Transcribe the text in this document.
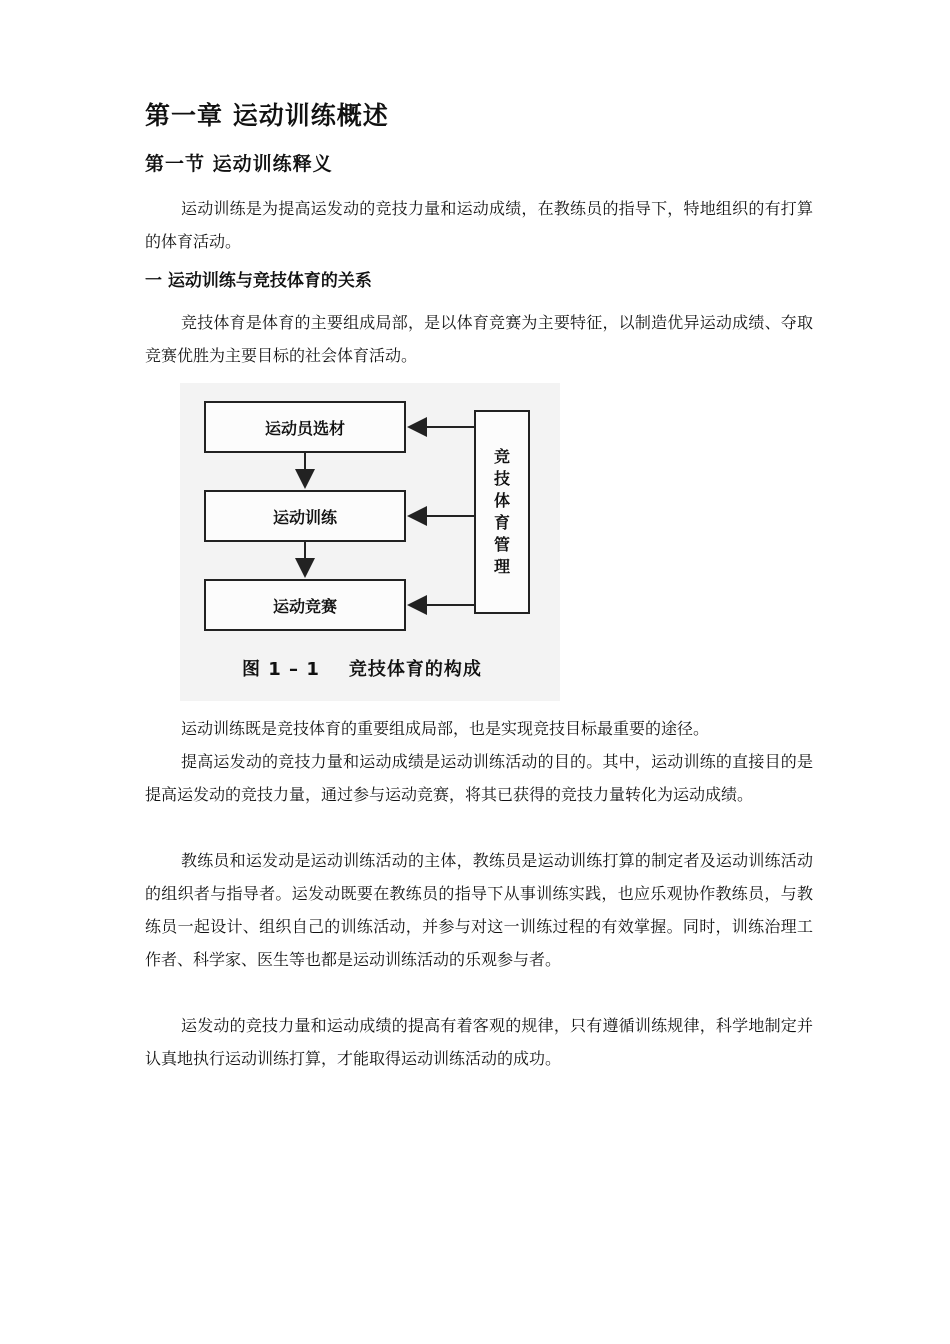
第一章 运动训练概述
第一节 运动训练释义

运动训练是为提高运发动的竞技力量和运动成绩，在教练员的指导下，特地组织的有打算的体育活动。

一 运动训练与竞技体育的关系

竞技体育是体育的主要组成局部，是以体育竞赛为主要特征，以制造优异运动成绩、夺取竞赛优胜为主要目标的社会体育活动。

运动员选材
运动训练
运动竞赛
竞
技
体
育
管
理
图 1 – 1    竞技体育的构成

运动训练既是竞技体育的重要组成局部，也是实现竞技目标最重要的途径。

提高运发动的竞技力量和运动成绩是运动训练活动的目的。其中，运动训练的直接目的是提高运发动的竞技力量，通过参与运动竞赛，将其已获得的竞技力量转化为运动成绩。

教练员和运发动是运动训练活动的主体，教练员是运动训练打算的制定者及运动训练活动的组织者与指导者。运发动既要在教练员的指导下从事训练实践，也应乐观协作教练员，与教练员一起设计、组织自己的训练活动，并参与对这一训练过程的有效掌握。同时，训练治理工作者、科学家、医生等也都是运动训练活动的乐观参与者。

运发动的竞技力量和运动成绩的提高有着客观的规律，只有遵循训练规律，科学地制定并认真地执行运动训练打算，才能取得运动训练活动的成功。
